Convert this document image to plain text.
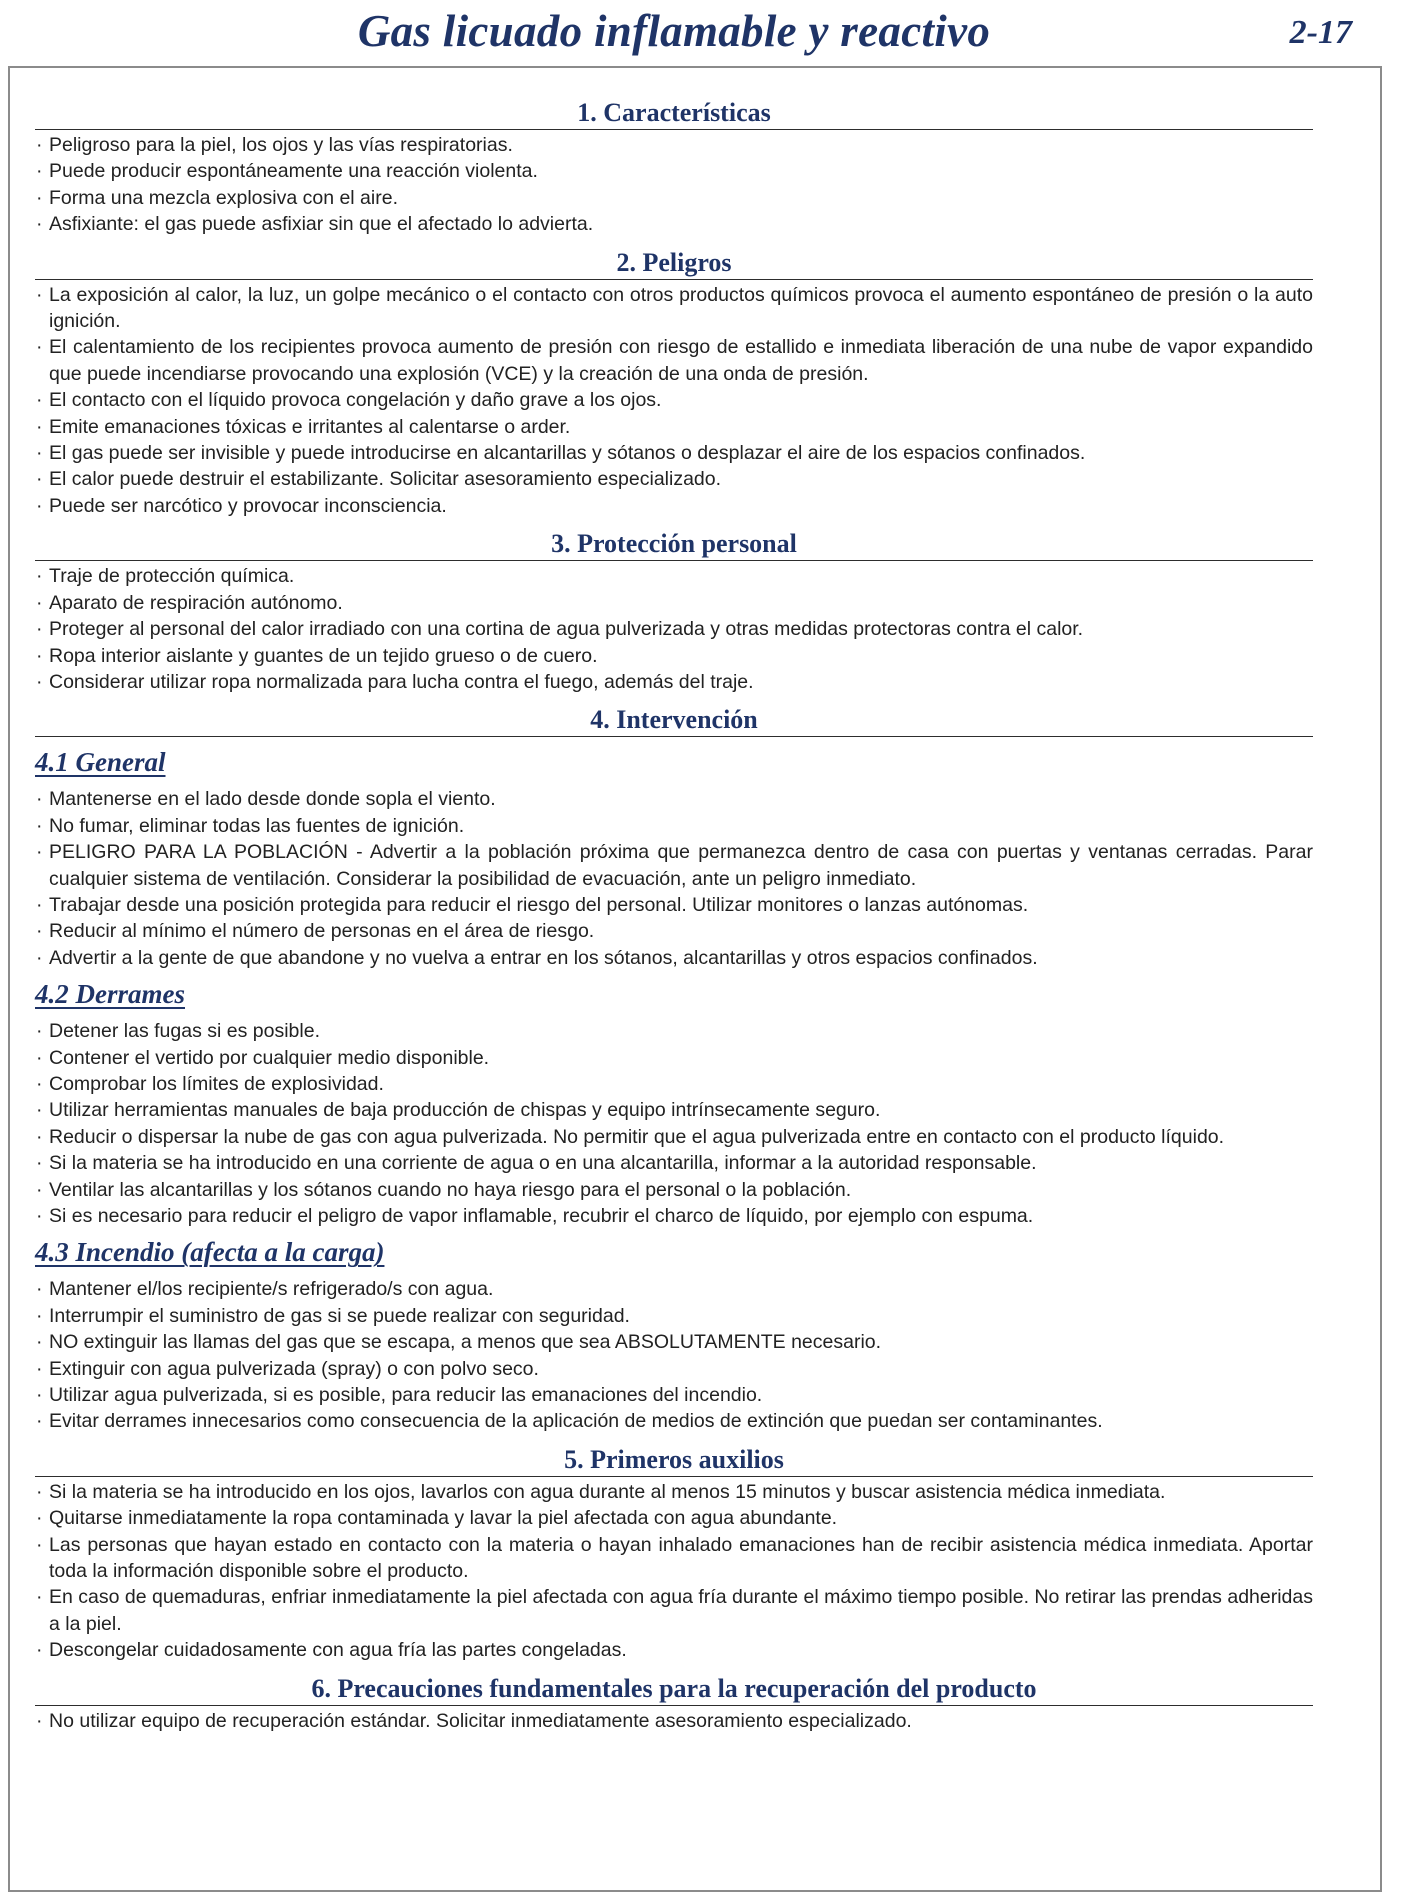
Gas licuado inflamable y reactivo	2-17
1. Características
· Peligroso para la piel, los ojos y las vías respiratorias.
· Puede producir espontáneamente una reacción violenta.
· Forma una mezcla explosiva con el aire.
· Asfixiante: el gas puede asfixiar sin que el afectado lo advierta.
2. Peligros
· La exposición al calor, la luz, un golpe mecánico o el contacto con otros productos químicos provoca el aumento espontáneo de presión o la auto ignición.
· El calentamiento de los recipientes provoca aumento de presión con riesgo de estallido e inmediata liberación de una nube de vapor expandido que puede incendiarse provocando una explosión (VCE) y la creación de una onda de presión.
· El contacto con el líquido provoca congelación y daño grave a los ojos.
· Emite emanaciones tóxicas e irritantes al calentarse o arder.
· El gas puede ser invisible y puede introducirse en alcantarillas y sótanos o desplazar el aire de los espacios confinados.
· El calor puede destruir el estabilizante. Solicitar asesoramiento especializado.
· Puede ser narcótico y provocar inconsciencia.
3. Protección personal
· Traje de protección química.
· Aparato de respiración autónomo.
· Proteger al personal del calor irradiado con una cortina de agua pulverizada y otras medidas protectoras contra el calor.
· Ropa interior aislante y guantes de un tejido grueso o de cuero.
· Considerar utilizar ropa normalizada para lucha contra el fuego, además del traje.
4. Intervención
4.1 General
· Mantenerse en el lado desde donde sopla el viento.
· No fumar, eliminar todas las fuentes de ignición.
· PELIGRO PARA LA POBLACIÓN - Advertir a la población próxima que permanezca dentro de casa con puertas y ventanas cerradas. Parar cualquier sistema de ventilación. Considerar la posibilidad de evacuación, ante un peligro inmediato.
· Trabajar desde una posición protegida para reducir el riesgo del personal. Utilizar monitores o lanzas autónomas.
· Reducir al mínimo el número de personas en el área de riesgo.
· Advertir a la gente de que abandone y no vuelva a entrar en los sótanos, alcantarillas y otros espacios confinados.
4.2 Derrames
· Detener las fugas si es posible.
· Contener el vertido por cualquier medio disponible.
· Comprobar los límites de explosividad.
· Utilizar herramientas manuales de baja producción de chispas y equipo intrínsecamente seguro.
· Reducir o dispersar la nube de gas con agua pulverizada. No permitir que el agua pulverizada entre en contacto con el producto líquido.
· Si la materia se ha introducido en una corriente de agua o en una alcantarilla, informar a la autoridad responsable.
· Ventilar las alcantarillas y los sótanos cuando no haya riesgo para el personal o la población.
· Si es necesario para reducir el peligro de vapor inflamable, recubrir el charco de líquido, por ejemplo con espuma.
4.3 Incendio (afecta a la carga)
· Mantener el/los recipiente/s refrigerado/s con agua.
· Interrumpir el suministro de gas si se puede realizar con seguridad.
· NO extinguir las llamas del gas que se escapa, a menos que sea ABSOLUTAMENTE necesario.
· Extinguir con agua pulverizada (spray) o con polvo seco.
· Utilizar agua pulverizada, si es posible, para reducir las emanaciones del incendio.
· Evitar derrames innecesarios como consecuencia de la aplicación de medios de extinción que puedan ser contaminantes.
5. Primeros auxilios
· Si la materia se ha introducido en los ojos, lavarlos con agua durante al menos 15 minutos y buscar asistencia médica inmediata.
· Quitarse inmediatamente la ropa contaminada y lavar la piel afectada con agua abundante.
· Las personas que hayan estado en contacto con la materia o hayan inhalado emanaciones han de recibir asistencia médica inmediata. Aportar toda la información disponible sobre el producto.
· En caso de quemaduras, enfriar inmediatamente la piel afectada con agua fría durante el máximo tiempo posible. No retirar las prendas adheridas a la piel.
· Descongelar cuidadosamente con agua fría las partes congeladas.
6. Precauciones fundamentales para la recuperación del producto
· No utilizar equipo de recuperación estándar. Solicitar inmediatamente asesoramiento especializado.
